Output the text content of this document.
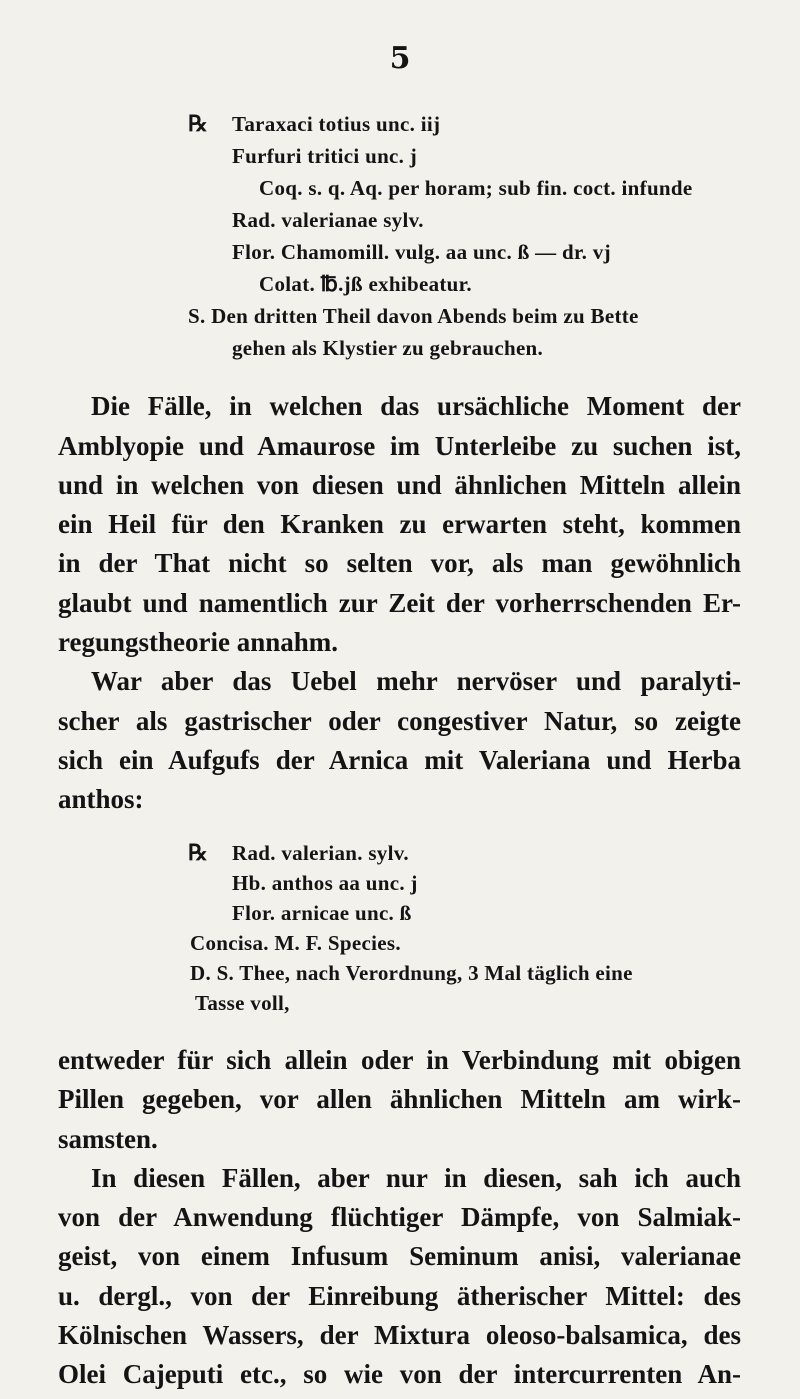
5
℞ Taraxaci totius unc. iij
Furfuri tritici unc. j
Coq. s. q. Aq. per horam; sub fin. coct. infunde
Rad. valerianae sylv.
Flor. Chamomill. vulg. aa unc. ß — dr. vj
Colat. ℔.jß exhibeatur.
S. Den dritten Theil davon Abends beim zu Bette
gehen als Klystier zu gebrauchen.
Die Fälle, in welchen das ursächliche Moment der
Amblyopie und Amaurose im Unterleibe zu suchen ist,
und in welchen von diesen und ähnlichen Mitteln allein
ein Heil für den Kranken zu erwarten steht, kommen
in der That nicht so selten vor, als man gewöhnlich
glaubt und namentlich zur Zeit der vorherrschenden Er-
regungstheorie annahm.
War aber das Uebel mehr nervöser und paralyti-
scher als gastrischer oder congestiver Natur, so zeigte
sich ein Aufgufs der Arnica mit Valeriana und Herba
anthos:
℞ Rad. valerian. sylv.
Hb. anthos aa unc. j
Flor. arnicae unc. ß
Concisa. M. F. Species.
D. S. Thee, nach Verordnung, 3 Mal täglich eine
Tasse voll,
entweder für sich allein oder in Verbindung mit obigen
Pillen gegeben, vor allen ähnlichen Mitteln am wirk-
samsten.
In diesen Fällen, aber nur in diesen, sah ich auch
von der Anwendung flüchtiger Dämpfe, von Salmiak-
geist, von einem Infusum Seminum anisi, valerianae
u. dergl., von der Einreibung ätherischer Mittel: des
Kölnischen Wassers, der Mixtura oleoso-balsamica, des
Olei Cajeputi etc., so wie von der intercurrenten An-
